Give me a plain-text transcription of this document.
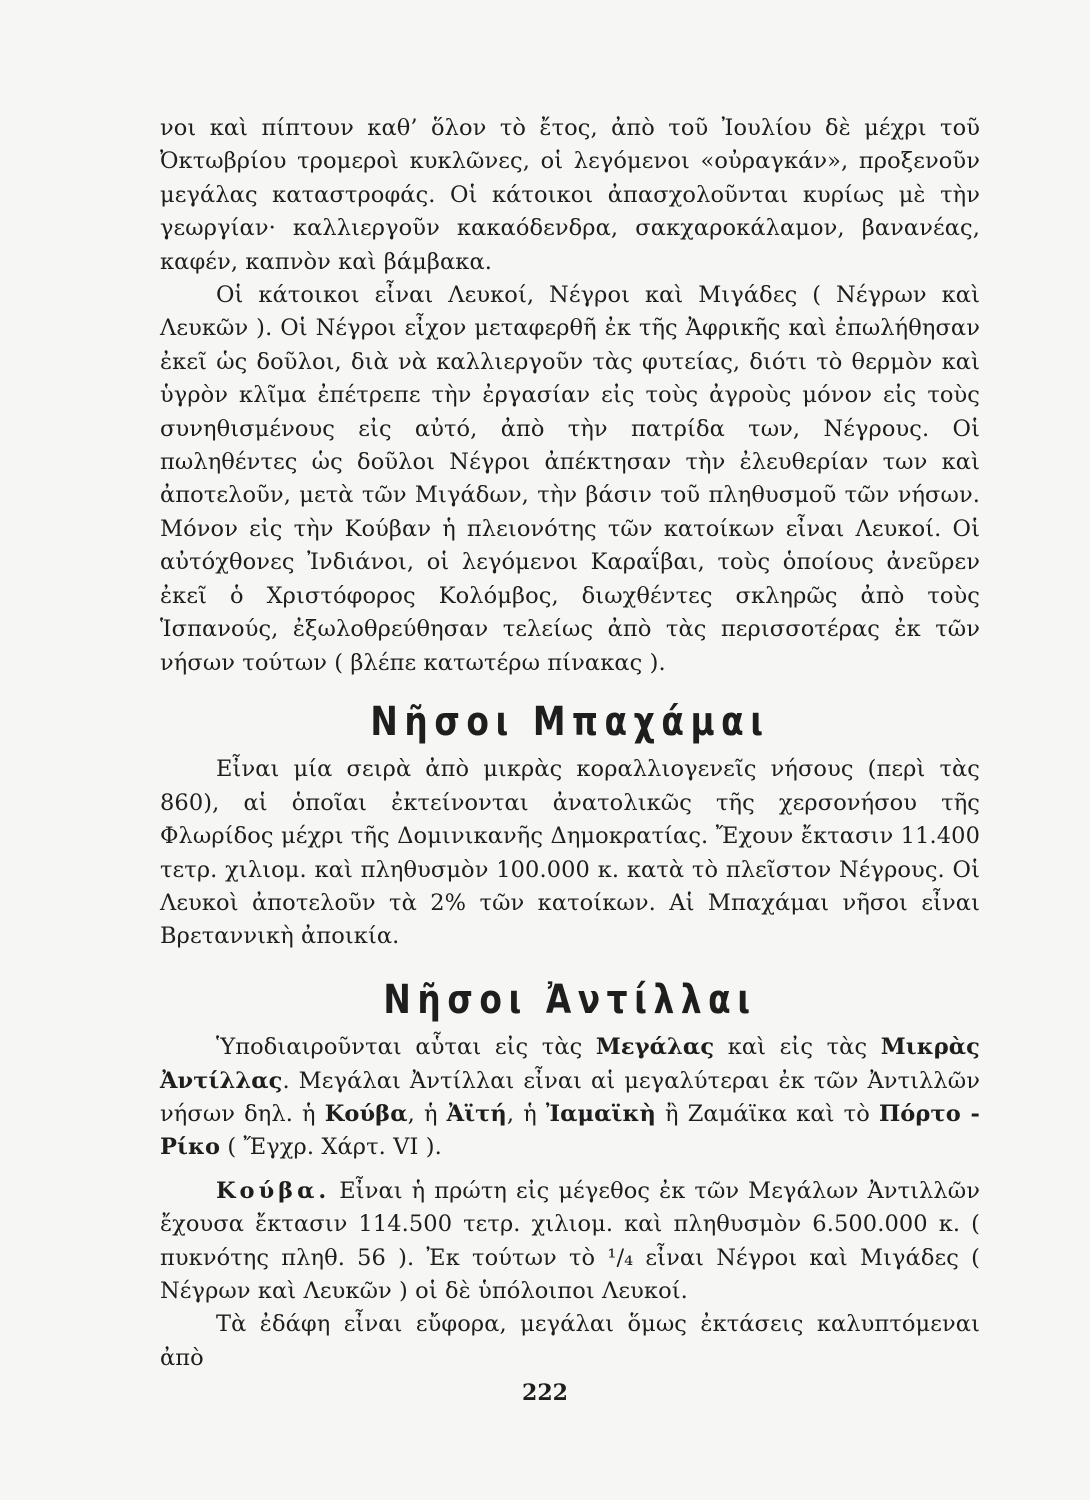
νοι καὶ πίπτουν καθ’ ὅλον τὸ ἔτος, ἀπὸ τοῦ Ἰουλίου δὲ μέχρι τοῦ Ὀκτωβρίου τρομεροὶ κυκλῶνες, οἱ λεγόμενοι «οὐραγκάν», προξενοῦν μεγάλας καταστροφάς. Οἱ κάτοικοι ἀπασχολοῦνται κυρίως μὲ τὴν γεωργίαν· καλλιεργοῦν κακαόδενδρα, σακχαροκάλαμον, βανανέας, καφέν, καπνὸν καὶ βάμβακα.

Οἱ κάτοικοι εἶναι Λευκοί, Νέγροι καὶ Μιγάδες ( Νέγρων καὶ Λευκῶν ). Οἱ Νέγροι εἶχον μεταφερθῆ ἐκ τῆς Ἀφρικῆς καὶ ἐπωλήθησαν ἐκεῖ ὡς δοῦλοι, διὰ νὰ καλλιεργοῦν τὰς φυτείας, διότι τὸ θερμὸν καὶ ὑγρὸν κλῖμα ἐπέτρεπε τὴν ἐργασίαν εἰς τοὺς ἀγροὺς μόνον εἰς τοὺς συνηθισμένους εἰς αὐτό, ἀπὸ τὴν πατρίδα των, Νέγρους. Οἱ πωληθέντες ὡς δοῦλοι Νέγροι ἀπέκτησαν τὴν ἐλευθερίαν των καὶ ἀποτελοῦν, μετὰ τῶν Μιγάδων, τὴν βάσιν τοῦ πληθυσμοῦ τῶν νήσων. Μόνον εἰς τὴν Κούβαν ἡ πλειονότης τῶν κατοίκων εἶναι Λευκοί. Οἱ αὐτόχθονες Ἰνδιάνοι, οἱ λεγόμενοι Καραΐβαι, τοὺς ὁποίους ἀνεῦρεν ἐκεῖ ὁ Χριστόφορος Κολόμβος, διωχθέντες σκληρῶς ἀπὸ τοὺς Ἱσπανούς, ἐξωλοθρεύθησαν τελείως ἀπὸ τὰς περισσοτέρας ἐκ τῶν νήσων τούτων ( βλέπε κατωτέρω πίνακας ).

Νῆσοι Μπαχάμαι

Εἶναι μία σειρὰ ἀπὸ μικρὰς κοραλλιογενεῖς νήσους (περὶ τὰς 860), αἱ ὁποῖαι ἐκτείνονται ἀνατολικῶς τῆς χερσονήσου τῆς Φλωρίδος μέχρι τῆς Δομινικανῆς Δημοκρατίας. Ἔχουν ἔκτασιν 11.400 τετρ. χιλιομ. καὶ πληθυσμὸν 100.000 κ. κατὰ τὸ πλεῖστον Νέγρους. Οἱ Λευκοὶ ἀποτελοῦν τὰ 2% τῶν κατοίκων. Αἱ Μπαχάμαι νῆσοι εἶναι Βρεταννικὴ ἀποικία.

Νῆσοι Ἀντίλλαι

Ὑποδιαιροῦνται αὗται εἰς τὰς Μεγάλας καὶ εἰς τὰς Μικρὰς Ἀντίλλας. Μεγάλαι Ἀντίλλαι εἶναι αἱ μεγαλύτεραι ἐκ τῶν Ἀντιλλῶν νήσων δηλ. ἡ Κούβα, ἡ Ἀϊτή, ἡ Ἰαμαϊκὴ ἢ Ζαμάϊκα καὶ τὸ Πόρτο - Ρίκο ( Ἔγχρ. Χάρτ. VI ).

Κούβα. Εἶναι ἡ πρώτη εἰς μέγεθος ἐκ τῶν Μεγάλων Ἀντιλλῶν ἔχουσα ἔκτασιν 114.500 τετρ. χιλιομ. καὶ πληθυσμὸν 6.500.000 κ. ( πυκνότης πληθ. 56 ). Ἐκ τούτων τὸ ¹/₄ εἶναι Νέγροι καὶ Μιγάδες ( Νέγρων καὶ Λευκῶν ) οἱ δὲ ὑπόλοιποι Λευκοί.

Τὰ ἐδάφη εἶναι εὔφορα, μεγάλαι ὅμως ἐκτάσεις καλυπτόμεναι ἀπὸ

222
